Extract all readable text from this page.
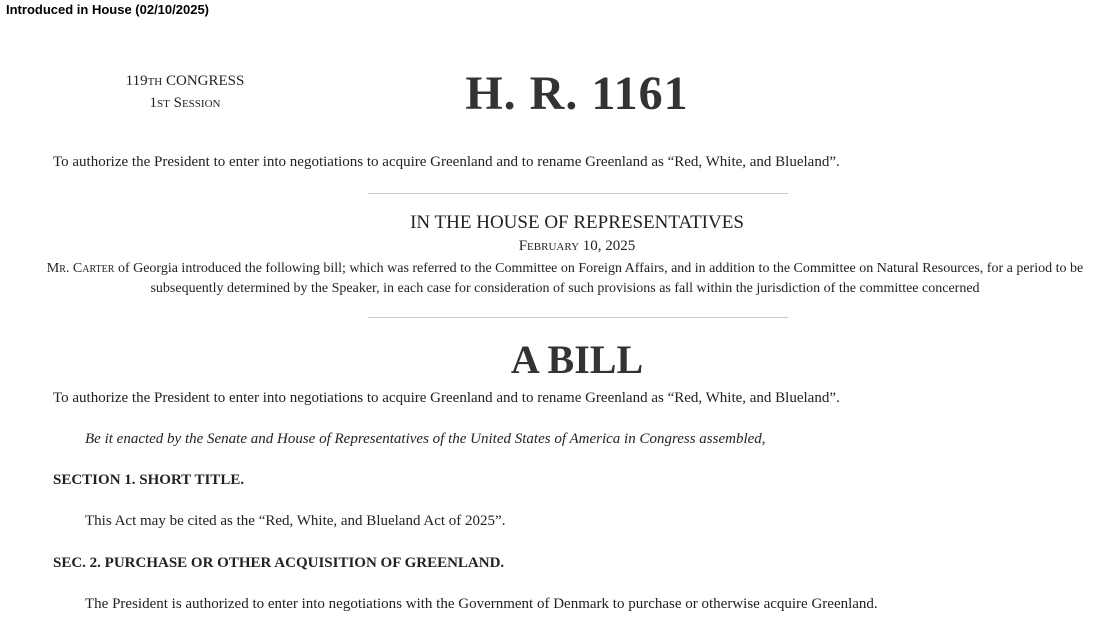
Introduced in House (02/10/2025)
119th CONGRESS
1st Session	H. R. 1161
To authorize the President to enter into negotiations to acquire Greenland and to rename Greenland as “Red, White, and Blueland”.
IN THE HOUSE OF REPRESENTATIVES
February 10, 2025
Mr. Carter of Georgia introduced the following bill; which was referred to the Committee on Foreign Affairs, and in addition to the Committee on Natural Resources, for a period to be subsequently determined by the Speaker, in each case for consideration of such provisions as fall within the jurisdiction of the committee concerned
A BILL
To authorize the President to enter into negotiations to acquire Greenland and to rename Greenland as “Red, White, and Blueland”.
Be it enacted by the Senate and House of Representatives of the United States of America in Congress assembled,
SECTION 1. SHORT TITLE.
This Act may be cited as the “Red, White, and Blueland Act of 2025”.
SEC. 2. PURCHASE OR OTHER ACQUISITION OF GREENLAND.
The President is authorized to enter into negotiations with the Government of Denmark to purchase or otherwise acquire Greenland.
